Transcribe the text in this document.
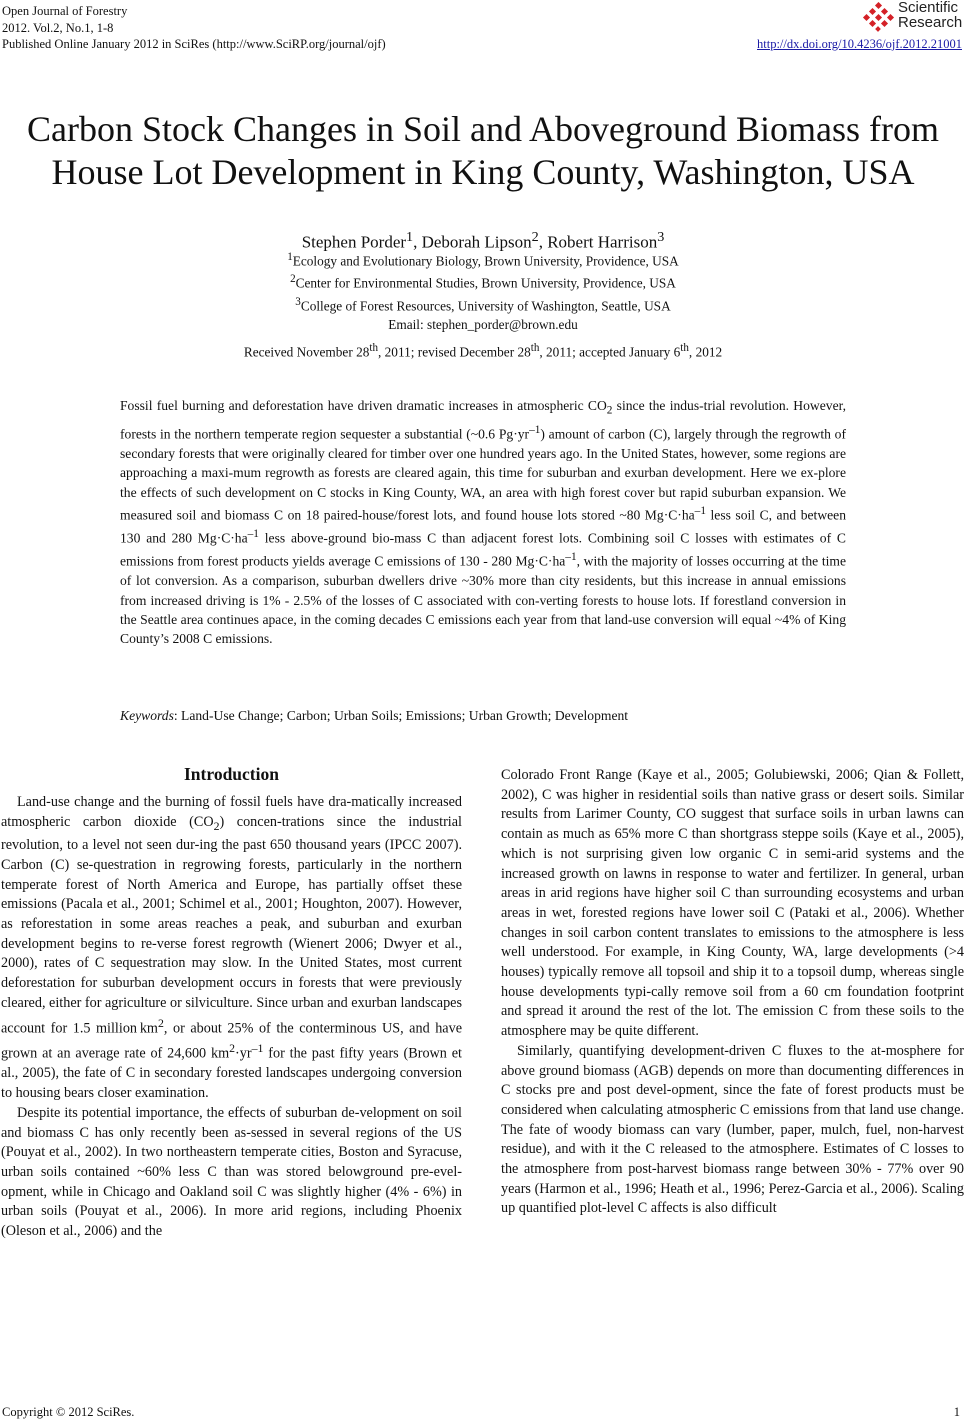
Open Journal of Forestry
2012. Vol.2, No.1, 1-8
Published Online January 2012 in SciRes (http://www.SciRP.org/journal/ojf)	http://dx.doi.org/10.4236/ojf.2012.21001
Scientific
Research
Carbon Stock Changes in Soil and Aboveground Biomass from
House Lot Development in King County, Washington, USA
Stephen Porder$^1$, Deborah Lipson$^2$, Robert Harrison$^3$
$^1$Ecology and Evolutionary Biology, Brown University, Providence, USA
$^2$Center for Environmental Studies, Brown University, Providence, USA
$^3$College of Forest Resources, University of Washington, Seattle, USA
Email: stephen_porder@brown.edu
Received November 28th, 2011; revised December 28th, 2011; accepted January 6th, 2012
Fossil fuel burning and deforestation have driven dramatic increases in atmospheric $CO_2$ since the indus-trial revolution. However, forests in the northern temperate region sequester a substantial (~0.6 $Pg\cdot yr^{-1}$) amount of carbon (C), largely through the regrowth of secondary forests that were originally cleared for timber over one hundred years ago. In the United States, however, some regions are approaching a maxi-mum regrowth as forests are cleared again, this time for suburban and exurban development. Here we ex-plore the effects of such development on C stocks in King County, WA, an area with high forest cover but rapid suburban expansion. We measured soil and biomass C on 18 paired-house/forest lots, and found house lots stored ~80 $Mg\cdot C\cdot ha^{-1}$ less soil C, and between 130 and 280 $Mg\cdot C\cdot ha^{-1}$ less above-ground bio-mass C than adjacent forest lots. Combining soil C losses with estimates of C emissions from forest products yields average C emissions of 130 - 280 $Mg\cdot C\cdot ha^{-1}$, with the majority of losses occurring at the time of lot conversion. As a comparison, suburban dwellers drive ~30% more than city residents, but this increase in annual emissions from increased driving is 1% - 2.5% of the losses of C associated with con-verting forests to house lots. If forestland conversion in the Seattle area continues apace, in the coming decades C emissions each year from that land-use conversion will equal ~4% of King County’s 2008 C emissions.
Keywords: Land-Use Change; Carbon; Urban Soils; Emissions; Urban Growth; Development
Introduction

Land-use change and the burning of fossil fuels have dra-matically increased atmospheric carbon dioxide $(CO_2)$ concen-trations since the industrial revolution, to a level not seen dur-ing the past 650 thousand years (IPCC 2007). Carbon (C) se-questration in regrowing forests, particularly in the northern temperate forest of North America and Europe, has partially offset these emissions (Pacala et al., 2001; Schimel et al., 2001; Houghton, 2007). However, as reforestation in some areas reaches a peak, and suburban and exurban development begins to re-verse forest regrowth (Wienert 2006; Dwyer et al., 2000), rates of C sequestration may slow. In the United States, most current deforestation for suburban development occurs in forests that were previously cleared, either for agriculture or silviculture. Since urban and exurban landscapes account for 1.5 million $km^2$, or about 25% of the conterminous US, and have grown at an average rate of 24,600 $km^2\cdot yr^{-1}$ for the past fifty years (Brown et al., 2005), the fate of C in secondary forested landscapes undergoing conversion to housing bears closer examination.

Despite its potential importance, the effects of suburban de-velopment on soil and biomass C has only recently been as-sessed in several regions of the US (Pouyat et al., 2002). In two northeastern temperate cities, Boston and Syracuse, urban soils contained ~60% less C than was stored belowground pre-evel-opment, while in Chicago and Oakland soil C was slightly higher (4% - 6%) in urban soils (Pouyat et al., 2006). In more arid regions, including Phoenix (Oleson et al., 2006) and the

Colorado Front Range (Kaye et al., 2005; Golubiewski, 2006; Qian & Follett, 2002), C was higher in residential soils than native grass or desert soils. Similar results from Larimer County, CO suggest that surface soils in urban lawns can contain as much as 65% more C than shortgrass steppe soils (Kaye et al., 2005), which is not surprising given low organic C in semi-arid systems and the increased growth on lawns in response to water and fertilizer. In general, urban areas in arid regions have higher soil C than surrounding ecosystems and urban areas in wet, forested regions have lower soil C (Pataki et al., 2006). Whether changes in soil carbon content translates to emissions to the atmosphere is less well understood. For example, in King County, WA, large developments (>4 houses) typically remove all topsoil and ship it to a topsoil dump, whereas single house developments typi-cally remove soil from a 60 cm foundation footprint and spread it around the rest of the lot. The emission C from these soils to the atmosphere may be quite different.

Similarly, quantifying development-driven C fluxes to the at-mosphere for above ground biomass (AGB) depends on more than documenting differences in C stocks pre and post devel-opment, since the fate of forest products must be considered when calculating atmospheric C emissions from that land use change. The fate of woody biomass can vary (lumber, paper, mulch, fuel, non-harvest residue), and with it the C released to the atmosphere. Estimates of C losses to the atmosphere from post-harvest biomass range between 30% - 77% over 90 years (Harmon et al., 1996; Heath et al., 1996; Perez-Garcia et al., 2006). Scaling up quantified plot-level C affects is also difficult

Copyright © 2012 SciRes.	1
